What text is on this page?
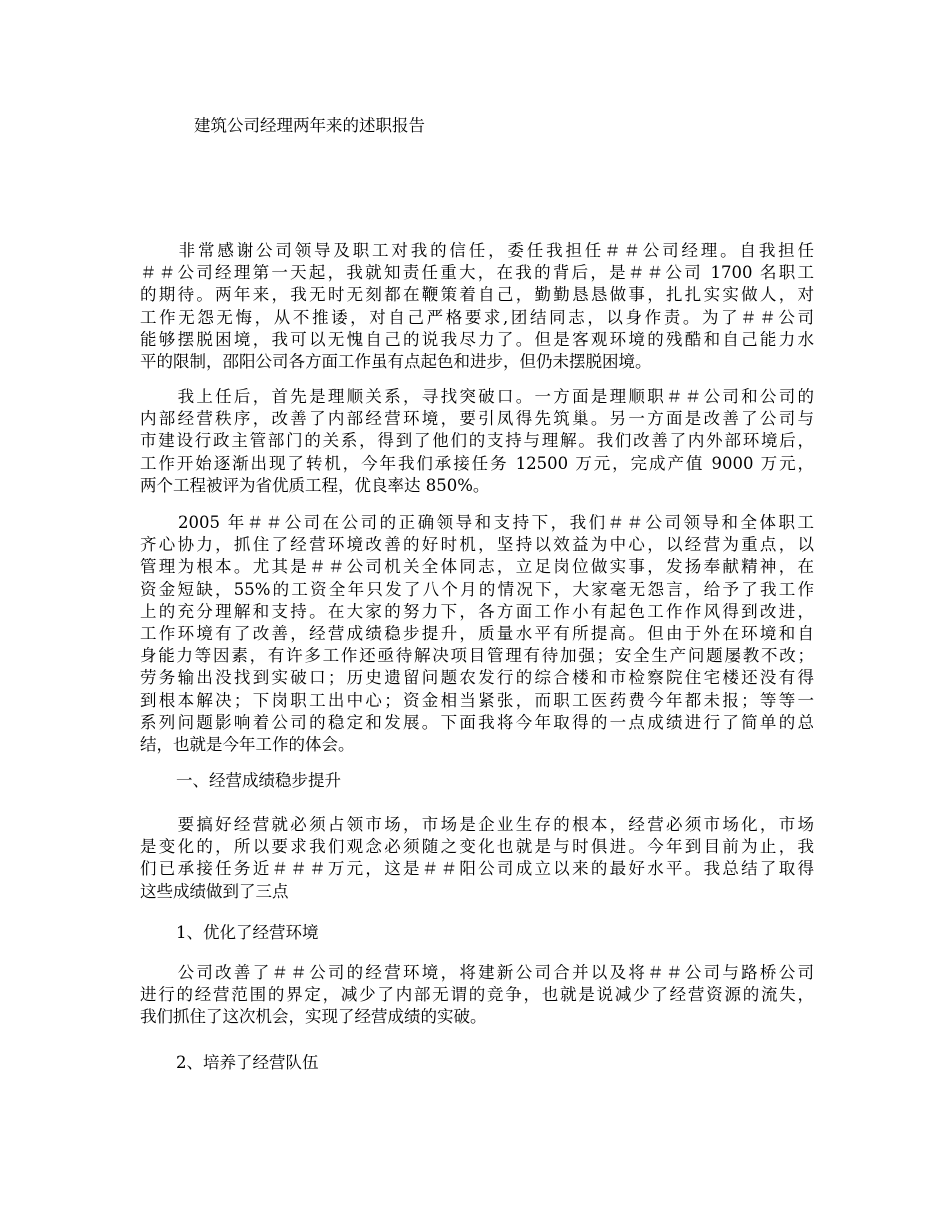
建筑公司经理两年来的述职报告

　　非常感谢公司领导及职工对我的信任，委任我担任＃＃公司经理。自我担任
＃＃公司经理第一天起，我就知责任重大，在我的背后，是＃＃公司 1700 名职工
的期待。两年来，我无时无刻都在鞭策着自己，勤勤恳恳做事，扎扎实实做人，对
工作无怨无悔，从不推诿，对自己严格要求,团结同志，以身作责。为了＃＃公司
能够摆脱困境，我可以无愧自己的说我尽力了。但是客观环境的残酷和自己能力水
平的限制，邵阳公司各方面工作虽有点起色和进步，但仍未摆脱困境。

　　我上任后，首先是理顺关系，寻找突破口。一方面是理顺职＃＃公司和公司的
内部经营秩序，改善了内部经营环境，要引凤得先筑巢。另一方面是改善了公司与
市建设行政主管部门的关系，得到了他们的支持与理解。我们改善了内外部环境后，
工作开始逐渐出现了转机，今年我们承接任务 12500 万元，完成产值 9000 万元，
两个工程被评为省优质工程，优良率达 850%。

　　2005 年＃＃公司在公司的正确领导和支持下，我们＃＃公司领导和全体职工
齐心协力，抓住了经营环境改善的好时机，坚持以效益为中心，以经营为重点，以
管理为根本。尤其是＃＃公司机关全体同志，立足岗位做实事，发扬奉献精神，在
资金短缺，55%的工资全年只发了八个月的情况下，大家毫无怨言，给予了我工作
上的充分理解和支持。在大家的努力下，各方面工作小有起色工作作风得到改进，
工作环境有了改善，经营成绩稳步提升，质量水平有所提高。但由于外在环境和自
身能力等因素，有许多工作还亟待解决项目管理有待加强；安全生产问题屡教不改；
劳务输出没找到实破口；历史遗留问题农发行的综合楼和市检察院住宅楼还没有得
到根本解决；下岗职工出中心；资金相当紧张，而职工医药费今年都未报；等等一
系列问题影响着公司的稳定和发展。下面我将今年取得的一点成绩进行了简单的总
结，也就是今年工作的体会。

一、经营成绩稳步提升

　　要搞好经营就必须占领市场，市场是企业生存的根本，经营必须市场化，市场
是变化的，所以要求我们观念必须随之变化也就是与时俱进。今年到目前为止，我
们已承接任务近＃＃＃万元，这是＃＃阳公司成立以来的最好水平。我总结了取得
这些成绩做到了三点

1、优化了经营环境

　　公司改善了＃＃公司的经营环境，将建新公司合并以及将＃＃公司与路桥公司
进行的经营范围的界定，减少了内部无谓的竞争，也就是说减少了经营资源的流失，
我们抓住了这次机会，实现了经营成绩的实破。

2、培养了经营队伍
